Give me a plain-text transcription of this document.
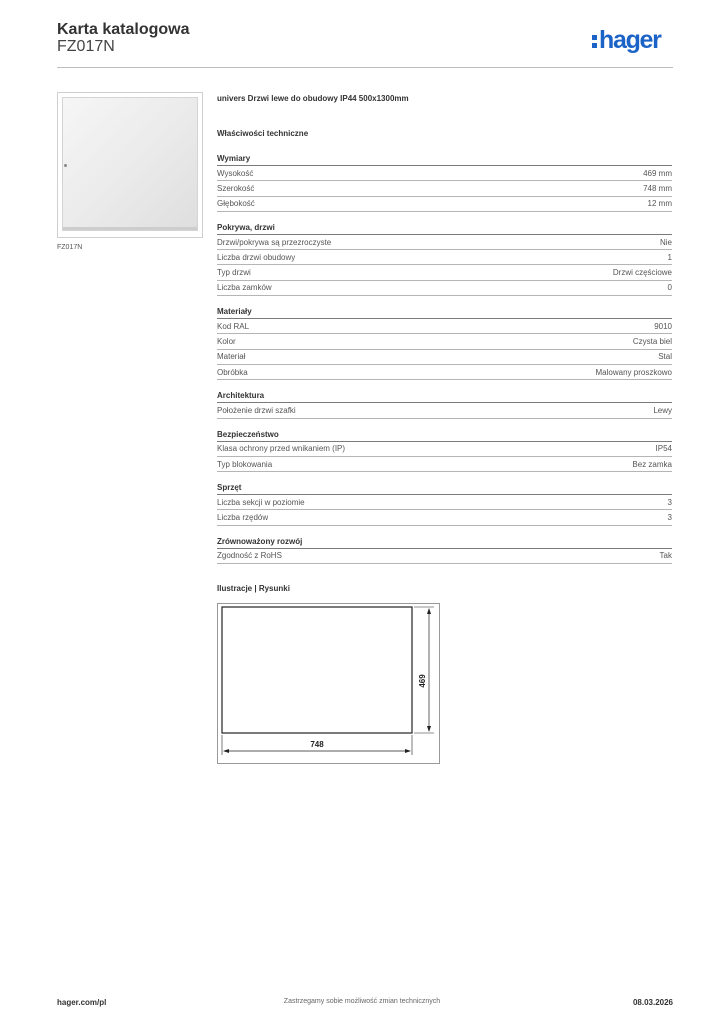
Karta katalogowa
FZ017N	hager
FZ017N
univers Drzwi lewe do obudowy IP44 500x1300mm
Właściwości techniczne
Wymiary
Wysokość	469 mm
Szerokość	748 mm
Głębokość	12 mm
Pokrywa, drzwi
Drzwi/pokrywa są przezroczyste	Nie
Liczba drzwi obudowy	1
Typ drzwi	Drzwi częściowe
Liczba zamków	0
Materiały
Kod RAL	9010
Kolor	Czysta biel
Materiał	Stal
Obróbka	Malowany proszkowo
Architektura
Położenie drzwi szafki	Lewy
Bezpieczeństwo
Klasa ochrony przed wnikaniem (IP)	IP54
Typ blokowania	Bez zamka
Sprzęt
Liczba sekcji w poziomie	3
Liczba rzędów	3
Zrównoważony rozwój
Zgodność z RoHS	Tak
Ilustracje | Rysunki
469
748
hager.com/pl	Zastrzegamy sobie możliwość zmian technicznych	08.03.2026
